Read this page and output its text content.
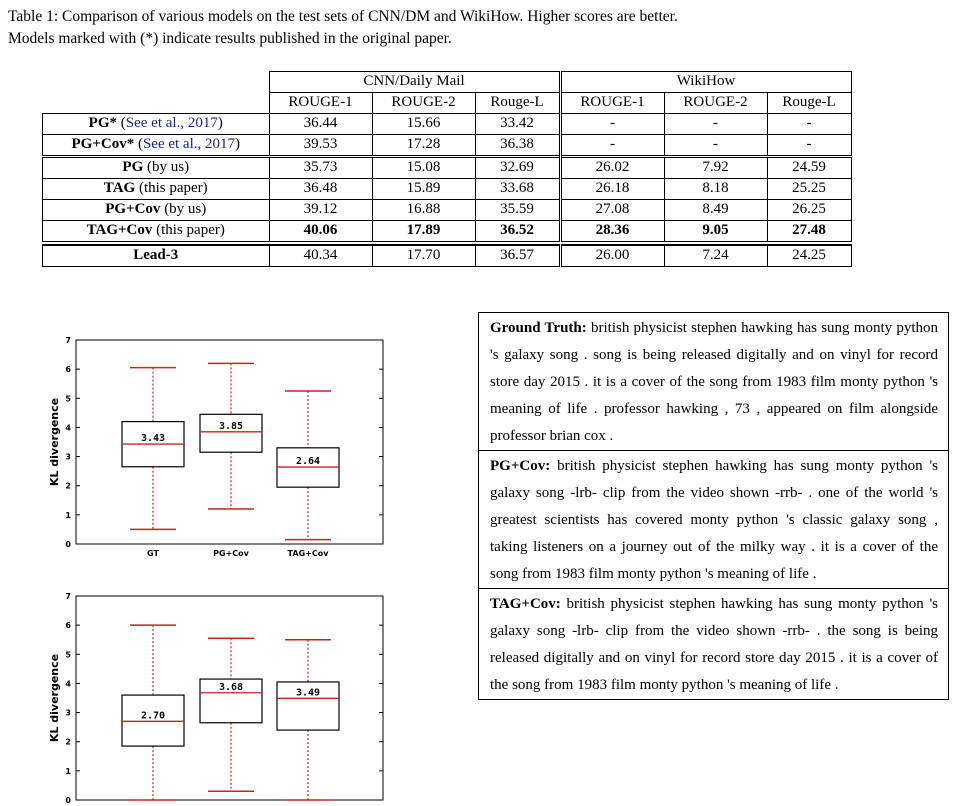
Table 1: Comparison of various models on the test sets of CNN/DM and WikiHow. Higher scores are better.
Models marked with (*) indicate results published in the original paper.
	CNN/Daily Mail			WikiHow		
	ROUGE-1	ROUGE-2	Rouge-L	ROUGE-1	ROUGE-2	Rouge-L
PG* (See et al., 2017)	36.44	15.66	33.42	-	-	-
PG+Cov* (See et al., 2017)	39.53	17.28	36.38	-	-	-
PG (by us)	35.73	15.08	32.69	26.02	7.92	24.59
TAG (this paper)	36.48	15.89	33.68	26.18	8.18	25.25
PG+Cov (by us)	39.12	16.88	35.59	27.08	8.49	26.25
TAG+Cov (this paper)	40.06	17.89	36.52	28.36	9.05	27.48

Lead-3	40.34	17.70	36.57	26.00	7.24	24.25
0
1
2
3
4
5
6
7
KL divergence	3.43
GT
3.85
PG+Cov
2.64
TAG+Cov
0
1
2
3
4
5
6
7
KL divergence	2.70
3.68
3.49
Ground Truth: british physicist stephen hawking has sung monty python 's galaxy song . song is being released digitally and on vinyl for record store day 2015 . it is a cover of the song from 1983 film monty python 's meaning of life . professor hawking , 73 , appeared on film alongside professor brian cox .
PG+Cov: british physicist stephen hawking has sung monty python 's galaxy song -lrb- clip from the video shown -rrb- . one of the world 's greatest scientists has covered monty python 's classic galaxy song , taking listeners on a journey out of the milky way . it is a cover of the song from 1983 film monty python 's meaning of life .
TAG+Cov: british physicist stephen hawking has sung monty python 's galaxy song -lrb- clip from the video shown -rrb- . the song is being released digitally and on vinyl for record store day 2015 . it is a cover of the song from 1983 film monty python 's meaning of life .
